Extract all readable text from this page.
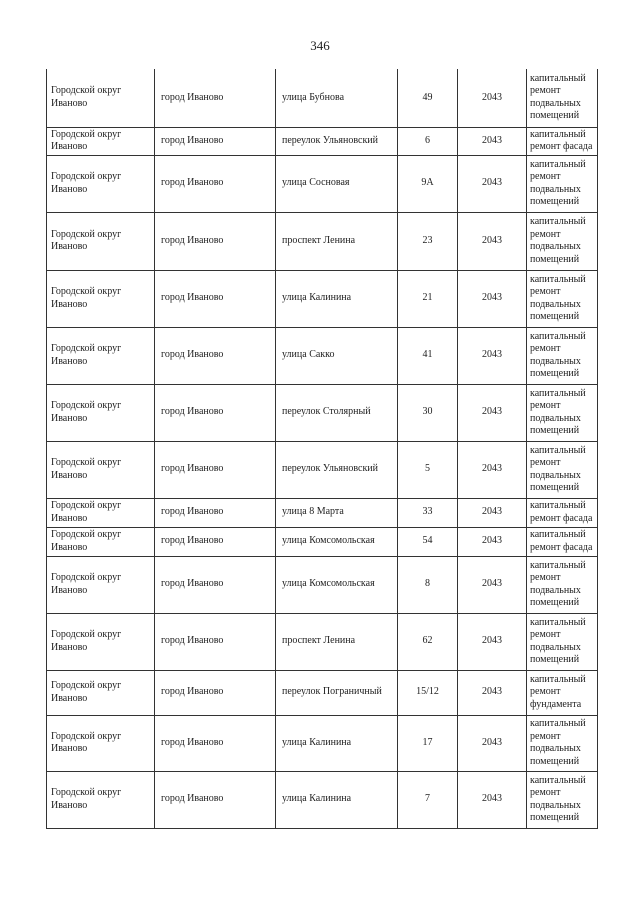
346
Городской округ Иваново	город Иваново	улица Бубнова	49	2043	капитальный ремонт подвальных помещений
Городской округ Иваново	город Иваново	переулок Ульяновский	6	2043	капитальный ремонт фасада
Городской округ Иваново	город Иваново	улица Сосновая	9А	2043	капитальный ремонт подвальных помещений
Городской округ Иваново	город Иваново	проспект Ленина	23	2043	капитальный ремонт подвальных помещений
Городской округ Иваново	город Иваново	улица Калинина	21	2043	капитальный ремонт подвальных помещений
Городской округ Иваново	город Иваново	улица Сакко	41	2043	капитальный ремонт подвальных помещений
Городской округ Иваново	город Иваново	переулок Столярный	30	2043	капитальный ремонт подвальных помещений
Городской округ Иваново	город Иваново	переулок Ульяновский	5	2043	капитальный ремонт подвальных помещений
Городской округ Иваново	город Иваново	улица 8 Марта	33	2043	капитальный ремонт фасада
Городской округ Иваново	город Иваново	улица Комсомольская	54	2043	капитальный ремонт фасада
Городской округ Иваново	город Иваново	улица Комсомольская	8	2043	капитальный ремонт подвальных помещений
Городской округ Иваново	город Иваново	проспект Ленина	62	2043	капитальный ремонт подвальных помещений
Городской округ Иваново	город Иваново	переулок Пограничный	15/12	2043	капитальный ремонт фундамента
Городской округ Иваново	город Иваново	улица Калинина	17	2043	капитальный ремонт подвальных помещений
Городской округ Иваново	город Иваново	улица Калинина	7	2043	капитальный ремонт подвальных помещений
